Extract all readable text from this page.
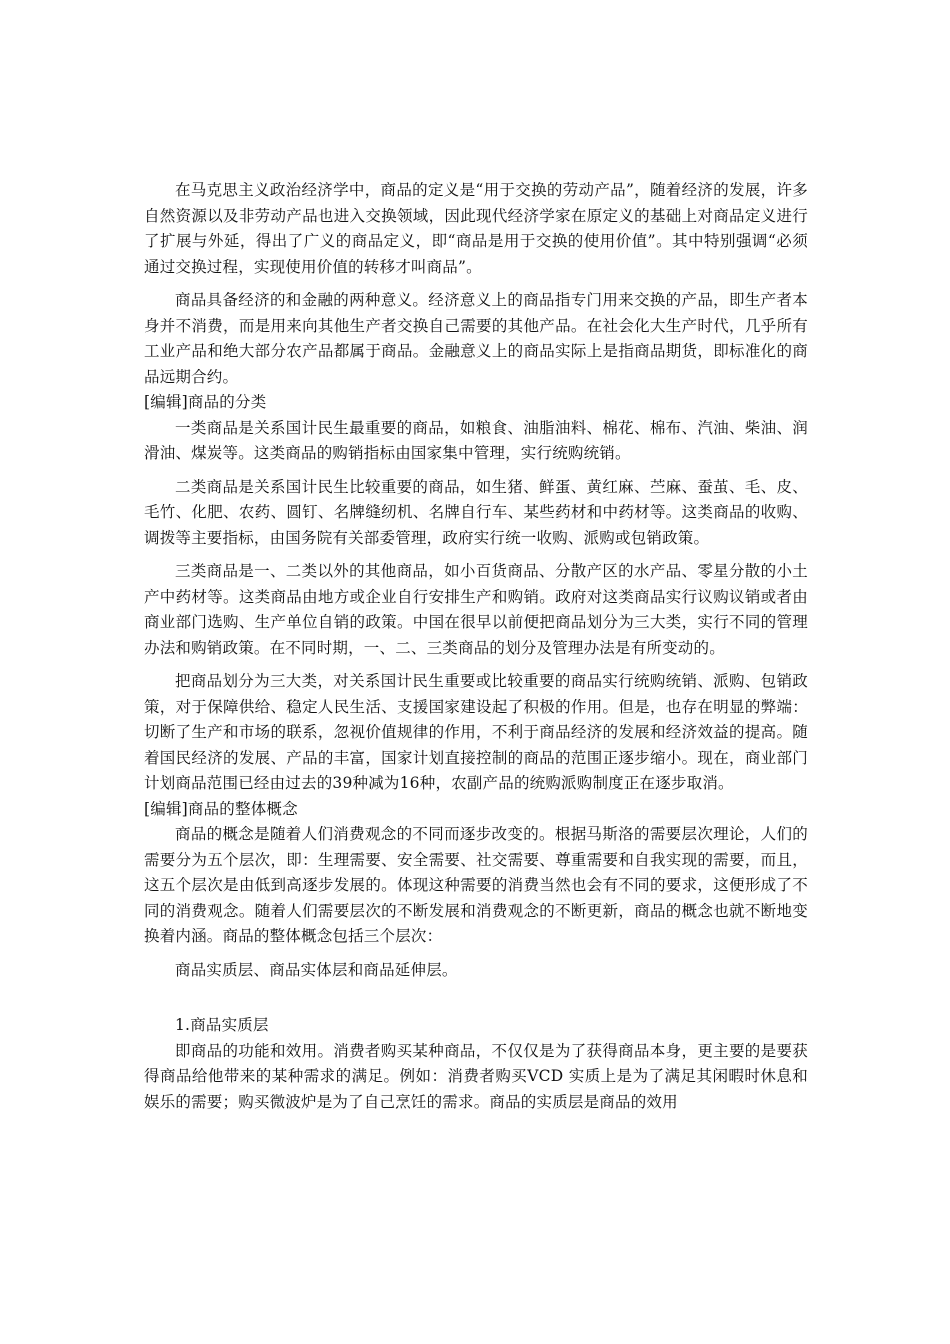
在马克思主义政治经济学中，商品的定义是“用于交换的劳动产品”，随着经济的发展，许多自然资源以及非劳动产品也进入交换领域，因此现代经济学家在原定义的基础上对商品定义进行了扩展与外延，得出了广义的商品定义，即“商品是用于交换的使用价值”。其中特别强调“必须通过交换过程，实现使用价值的转移才叫商品”。

商品具备经济的和金融的两种意义。经济意义上的商品指专门用来交换的产品，即生产者本身并不消费，而是用来向其他生产者交换自己需要的其他产品。在社会化大生产时代，几乎所有工业产品和绝大部分农产品都属于商品。金融意义上的商品实际上是指商品期货，即标准化的商品远期合约。

[编辑]商品的分类

一类商品是关系国计民生最重要的商品，如粮食、油脂油料、棉花、棉布、汽油、柴油、润滑油、煤炭等。这类商品的购销指标由国家集中管理，实行统购统销。

二类商品是关系国计民生比较重要的商品，如生猪、鲜蛋、黄红麻、苎麻、蚕茧、毛、皮、毛竹、化肥、农药、圆钉、名牌缝纫机、名牌自行车、某些药材和中药材等。这类商品的收购、调拨等主要指标，由国务院有关部委管理，政府实行统一收购、派购或包销政策。

三类商品是一、二类以外的其他商品，如小百货商品、分散产区的水产品、零星分散的小土产中药材等。这类商品由地方或企业自行安排生产和购销。政府对这类商品实行议购议销或者由商业部门选购、生产单位自销的政策。中国在很早以前便把商品划分为三大类，实行不同的管理办法和购销政策。在不同时期，一、二、三类商品的划分及管理办法是有所变动的。

把商品划分为三大类，对关系国计民生重要或比较重要的商品实行统购统销、派购、包销政策，对于保障供给、稳定人民生活、支援国家建设起了积极的作用。但是，也存在明显的弊端：切断了生产和市场的联系，忽视价值规律的作用，不利于商品经济的发展和经济效益的提高。随着国民经济的发展、产品的丰富，国家计划直接控制的商品的范围正逐步缩小。现在，商业部门计划商品范围已经由过去的39种减为16种，农副产品的统购派购制度正在逐步取消。

[编辑]商品的整体概念

商品的概念是随着人们消费观念的不同而逐步改变的。根据马斯洛的需要层次理论，人们的需要分为五个层次，即：生理需要、安全需要、社交需要、尊重需要和自我实现的需要，而且，这五个层次是由低到高逐步发展的。体现这种需要的消费当然也会有不同的要求，这便形成了不同的消费观念。随着人们需要层次的不断发展和消费观念的不断更新，商品的概念也就不断地变换着内涵。商品的整体概念包括三个层次：

商品实质层、商品实体层和商品延伸层。

1.商品实质层

即商品的功能和效用。消费者购买某种商品，不仅仅是为了获得商品本身，更主要的是要获得商品给他带来的某种需求的满足。例如：消费者购买VCD 实质上是为了满足其闲暇时休息和娱乐的需要；购买微波炉是为了自己烹饪的需求。商品的实质层是商品的效用
